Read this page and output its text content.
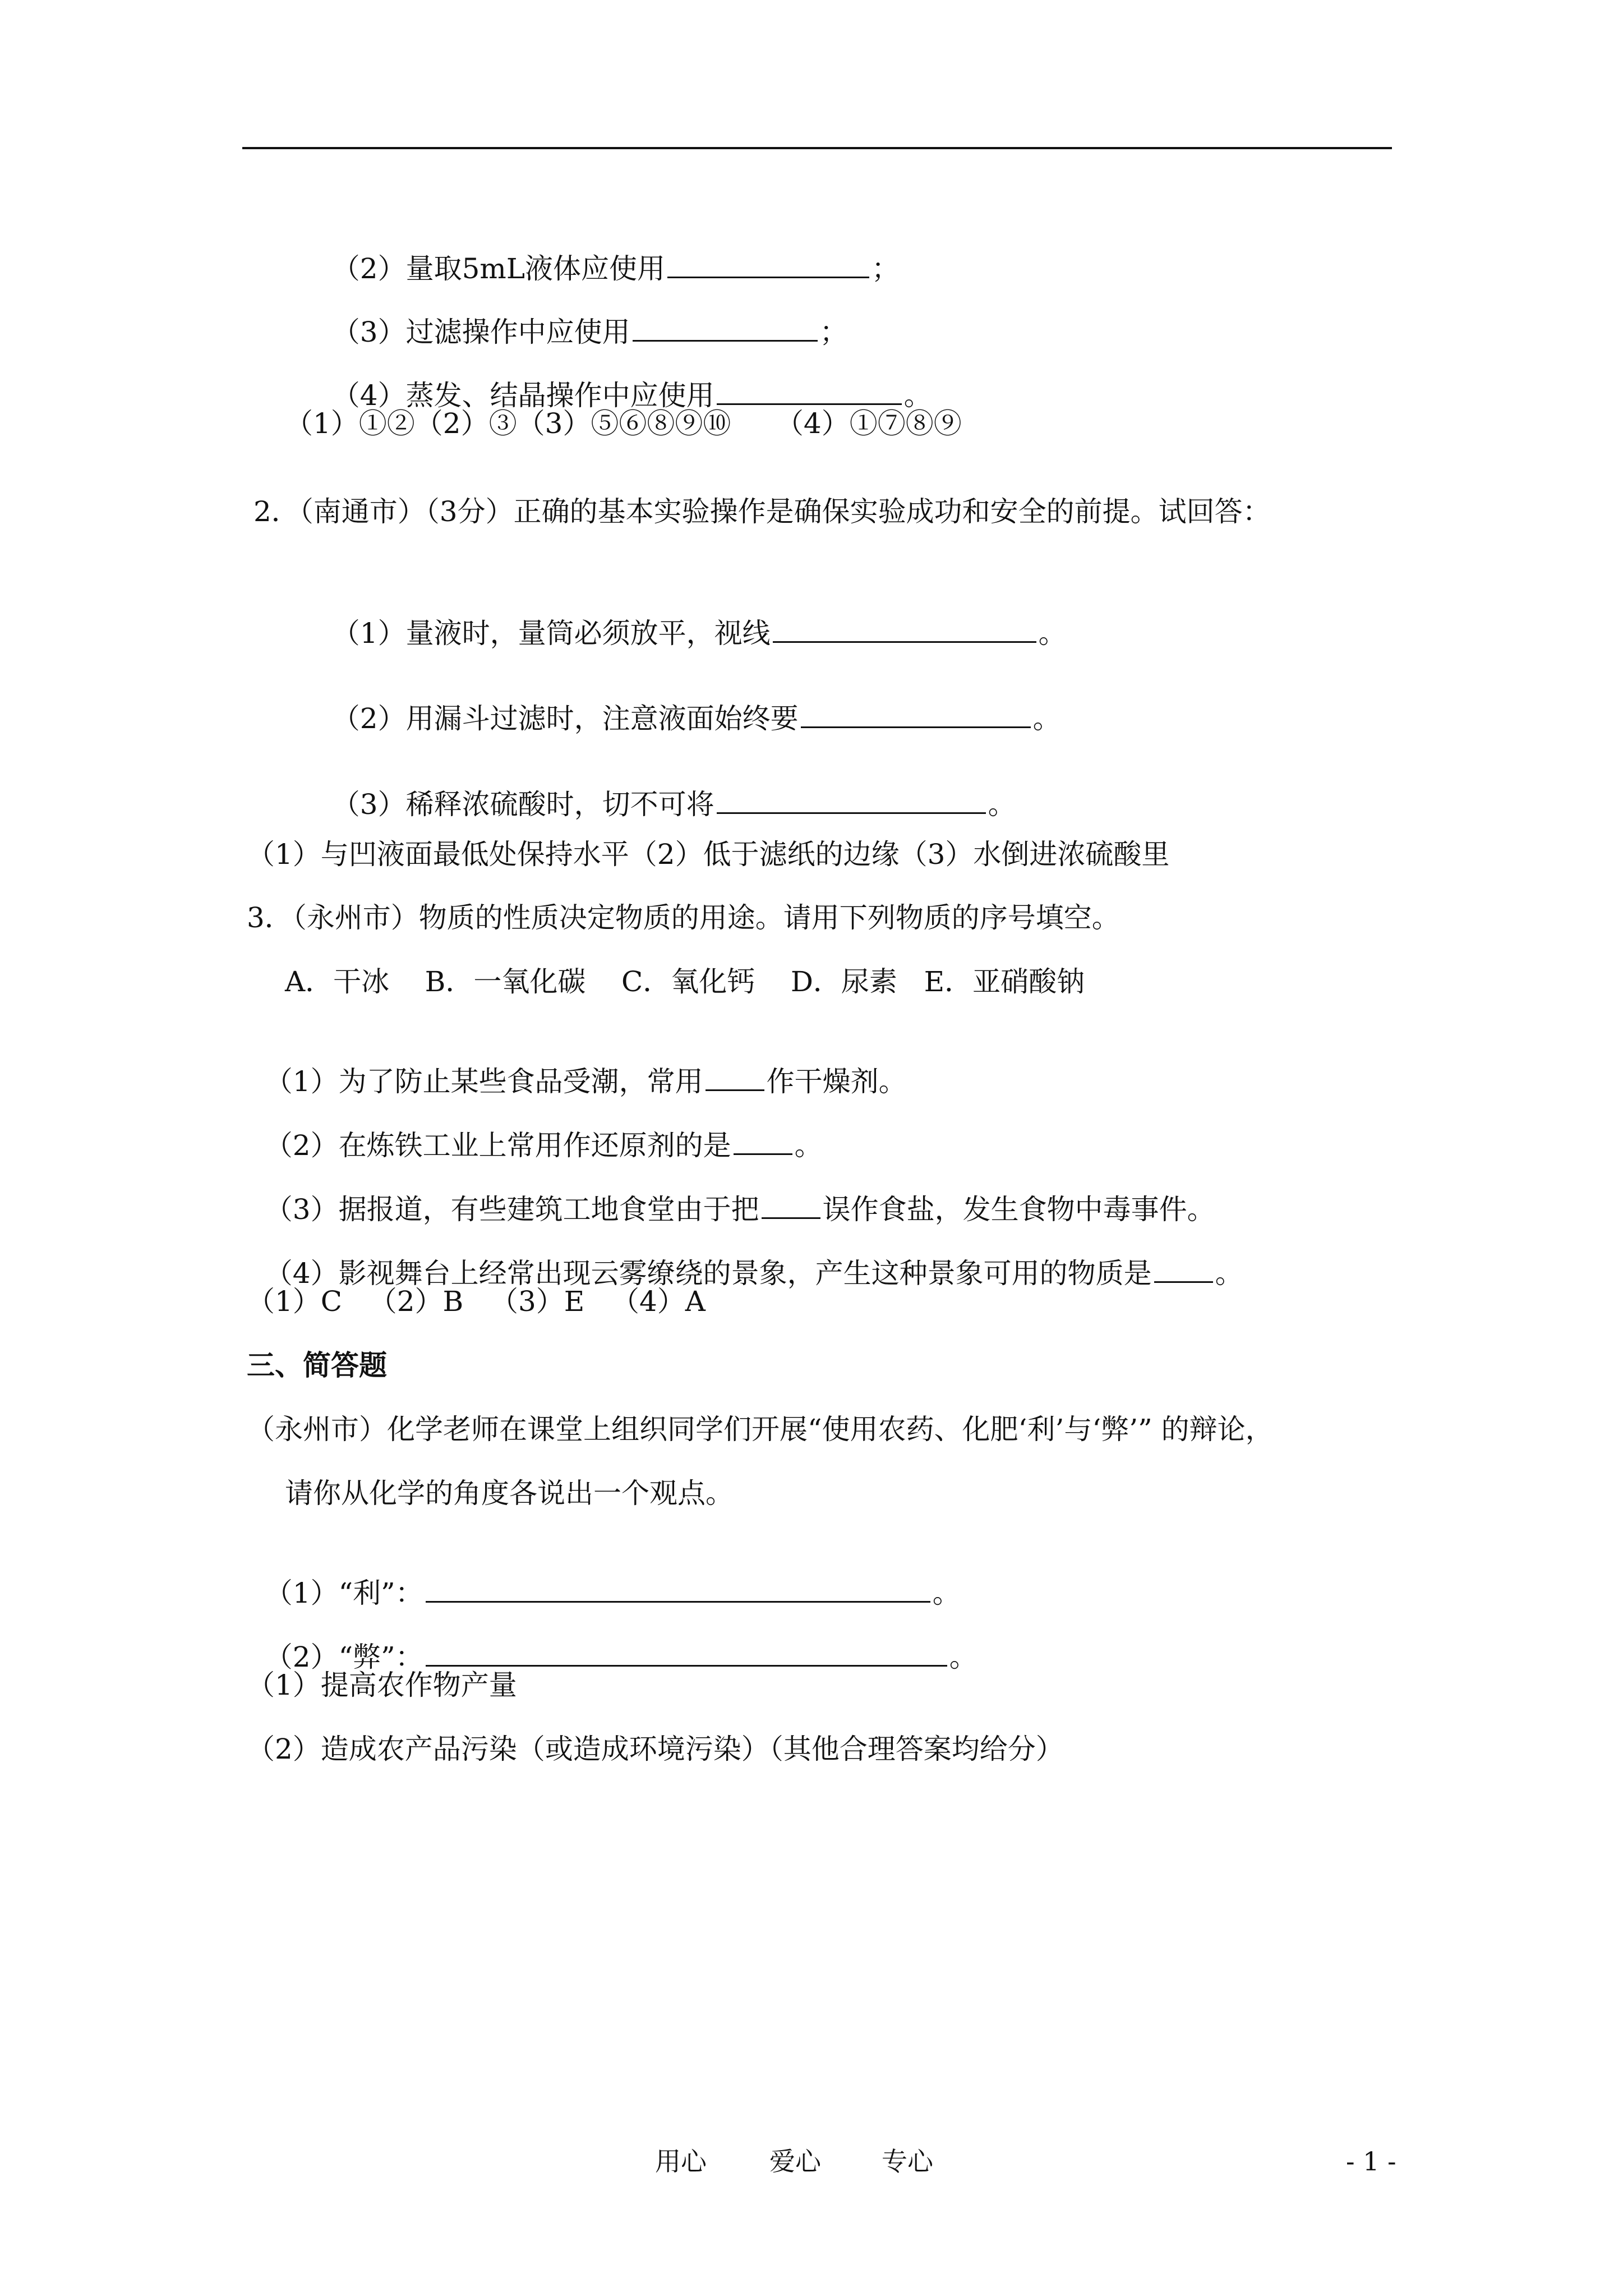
（2）量取5mL液体应使用	；

（3）过滤操作中应使用	；

（4）蒸发、结晶操作中应使用	。

（1）①②（2）③（3）⑤⑥⑧⑨⑩     （4）①⑦⑧⑨
2．（南通市）（3分）正确的基本实验操作是确保实验成功和安全的前提。试回答：

（1）量液时，量筒必须放平，视线	。

（2）用漏斗过滤时，注意液面始终要	。

（3）稀释浓硫酸时，切不可将	。

（1）与凹液面最低处保持水平（2）低于滤纸的边缘（3）水倒进浓硫酸里
3．（永州市）物质的性质决定物质的用途。请用下列物质的序号填空。
A．干冰    B．一氧化碳    C．氧化钙    D．尿素   E．亚硝酸钠

（1）为了防止某些食品受潮，常用 作干燥剂。

（2）在炼铁工业上常用作还原剂的是 。

（3）据报道，有些建筑工地食堂由于把 误作食盐，发生食物中毒事件。

（4）影视舞台上经常出现云雾缭绕的景象，产生这种景象可用的物质是 。

（1）C   （2）B   （3）E   （4）A
三、简答题
（永州市）化学老师在课堂上组织同学们开展“使用农药、化肥‘利’与‘弊’” 的辩论，
请你从化学的角度各说出一个观点。

（1）“利”：	。

（2）“弊”：	。

（1）提高农作物产量
（2）造成农产品污染（或造成环境污染）（其他合理答案均给分）
用心 爱心 专心	- 1 -
